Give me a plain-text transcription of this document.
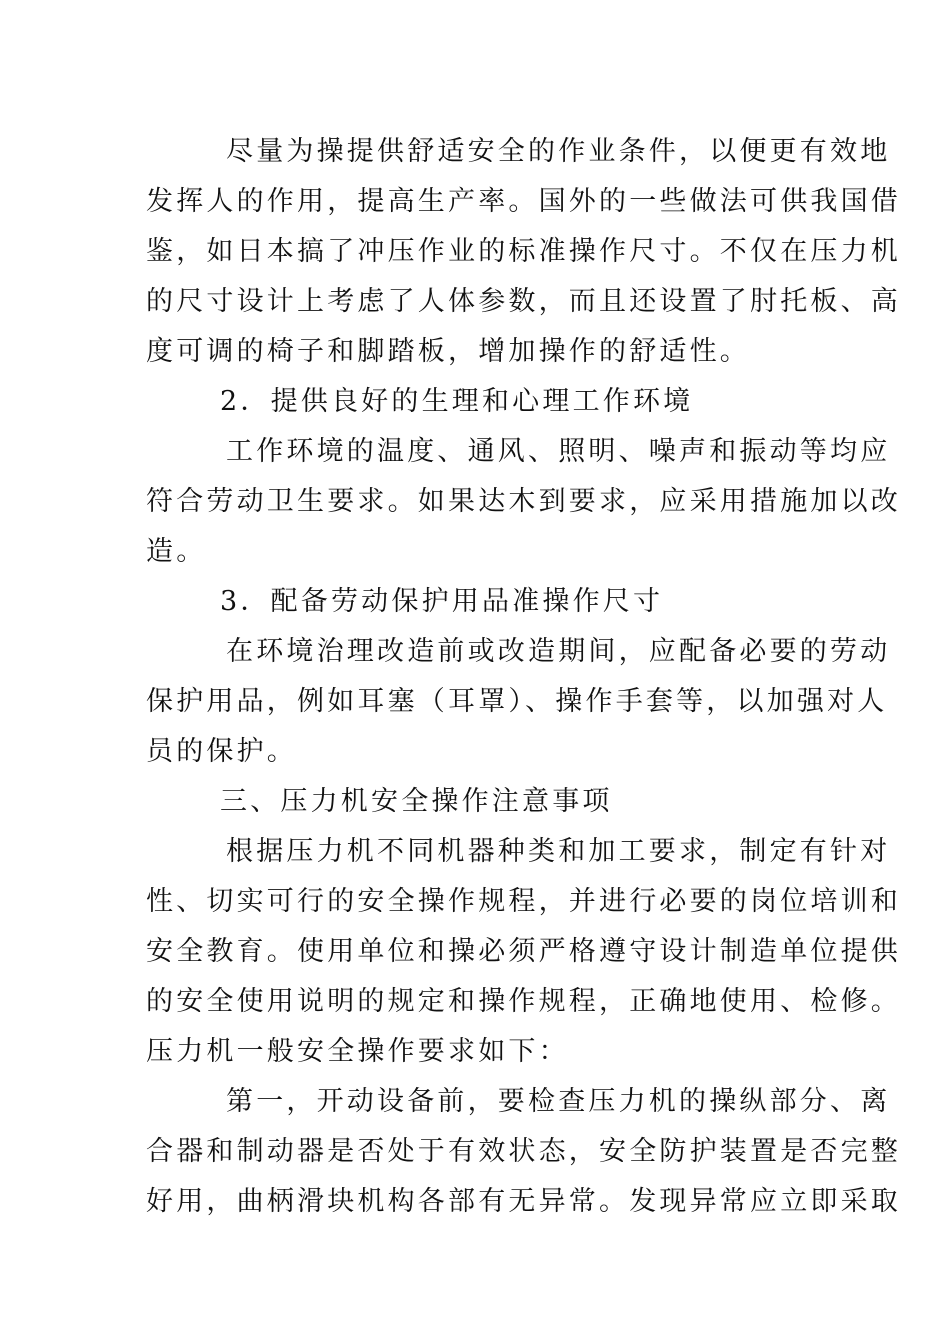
尽量为操提供舒适安全的作业条件，以便更有效地
发挥人的作用，提高生产率。国外的一些做法可供我国借
鉴，如日本搞了冲压作业的标准操作尺寸。不仅在压力机
的尺寸设计上考虑了人体参数，而且还设置了肘托板、高
度可调的椅子和脚踏板，增加操作的舒适性。
2．提供良好的生理和心理工作环境
工作环境的温度、通风、照明、噪声和振动等均应
符合劳动卫生要求。如果达木到要求，应采用措施加以改
造。
3．配备劳动保护用品准操作尺寸
在环境治理改造前或改造期间，应配备必要的劳动
保护用品，例如耳塞（耳罩）、操作手套等，以加强对人
员的保护。
三、压力机安全操作注意事项
根据压力机不同机器种类和加工要求，制定有针对
性、切实可行的安全操作规程，并进行必要的岗位培训和
安全教育。使用单位和操必须严格遵守设计制造单位提供
的安全使用说明的规定和操作规程，正确地使用、检修。
压力机一般安全操作要求如下：
第一，开动设备前，要检查压力机的操纵部分、离
合器和制动器是否处于有效状态，安全防护装置是否完整
好用，曲柄滑块机构各部有无异常。发现异常应立即采取
